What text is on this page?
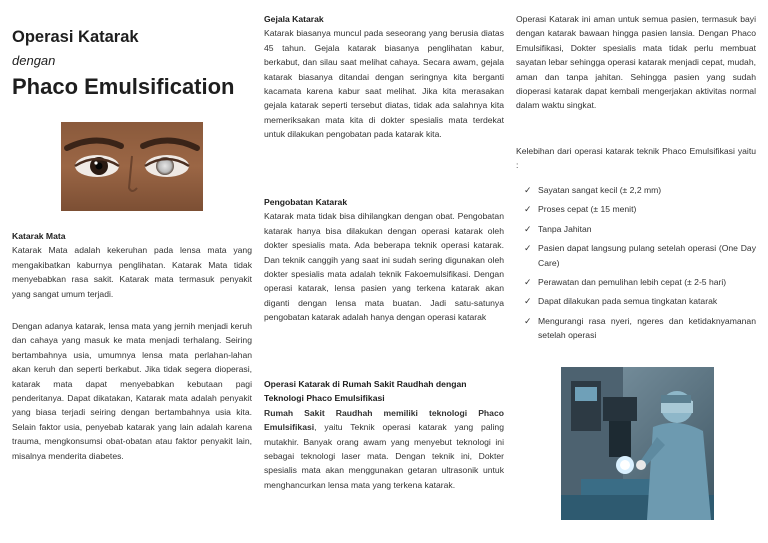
Operasi Katarak
dengan
Phaco Emulsification
Katarak Mata

Katarak Mata adalah kekeruhan pada lensa mata yang mengakibatkan kaburnya penglihatan. Katarak Mata tidak menyebabkan rasa sakit. Katarak mata termasuk penyakit yang sangat umum terjadi.

Dengan adanya katarak, lensa mata yang jernih menjadi keruh dan cahaya yang masuk ke mata menjadi terhalang. Seiring bertambahnya usia, umumnya lensa mata perlahan-lahan akan keruh dan seperti berkabut. Jika tidak segera dioperasi, katarak mata dapat menyebabkan kebutaan pagi penderitanya. Dapat dikatakan, Katarak mata adalah penyakit yang biasa terjadi seiring dengan bertambahnya usia kita. Selain faktor usia, penyebab katarak yang lain adalah karena trauma, mengkonsumsi obat-obatan atau faktor penyakit lain, misalnya menderita diabetes.

Gejala Katarak

Katarak biasanya muncul pada seseorang yang berusia diatas 45 tahun. Gejala katarak biasanya penglihatan kabur, berkabut, dan silau saat melihat cahaya. Secara awam, gejala katarak biasanya ditandai dengan seringnya kita berganti kacamata karena kabur saat melihat. Jika kita merasakan gejala katarak seperti tersebut diatas, tidak ada salahnya kita memeriksakan mata kita di dokter spesialis mata terdekat untuk dilakukan pengobatan pada katarak kita.

Pengobatan Katarak

Katarak mata tidak bisa dihilangkan dengan obat. Pengobatan katarak hanya bisa dilakukan dengan operasi katarak oleh dokter spesialis mata. Ada beberapa teknik operasi katarak. Dan teknik canggih yang saat ini sudah sering digunakan oleh dokter spesialis mata adalah teknik Fakoemulsifikasi. Dengan operasi katarak, lensa pasien yang terkena katarak akan diganti dengan lensa mata buatan. Jadi satu-satunya pengobatan katarak adalah hanya dengan operasi katarak

Operasi Katarak di Rumah Sakit Raudhah dengan Teknologi Phaco Emulsifikasi

Rumah Sakit Raudhah memiliki teknologi Phaco Emulsifikasi, yaitu Teknik operasi katarak yang paling mutakhir. Banyak orang awam yang menyebut teknologi ini sebagai teknologi laser mata. Dengan teknik ini, Dokter spesialis mata akan menggunakan getaran ultrasonik untuk menghancurkan lensa mata yang terkena katarak.

Operasi Katarak ini aman untuk semua pasien, termasuk bayi dengan katarak bawaan hingga pasien lansia. Dengan Phaco Emulsifikasi, Dokter spesialis mata tidak perlu membuat sayatan lebar sehingga operasi katarak menjadi cepat, mudah, aman dan tanpa jahitan. Sehingga pasien yang sudah dioperasi katarak dapat kembali mengerjakan aktivitas normal dalam waktu singkat.

Kelebihan dari operasi katarak teknik Phaco Emulsifikasi yaitu :

✓ Sayatan sangat kecil (± 2,2 mm)
✓ Proses cepat (± 15 menit)
✓ Tanpa Jahitan
✓ Pasien dapat langsung pulang setelah operasi (One Day Care)
✓ Perawatan dan pemulihan lebih cepat (± 2-5 hari)
✓ Dapat dilakukan pada semua tingkatan katarak
✓ Mengurangi rasa nyeri, ngeres dan ketidaknyamanan setelah operasi
